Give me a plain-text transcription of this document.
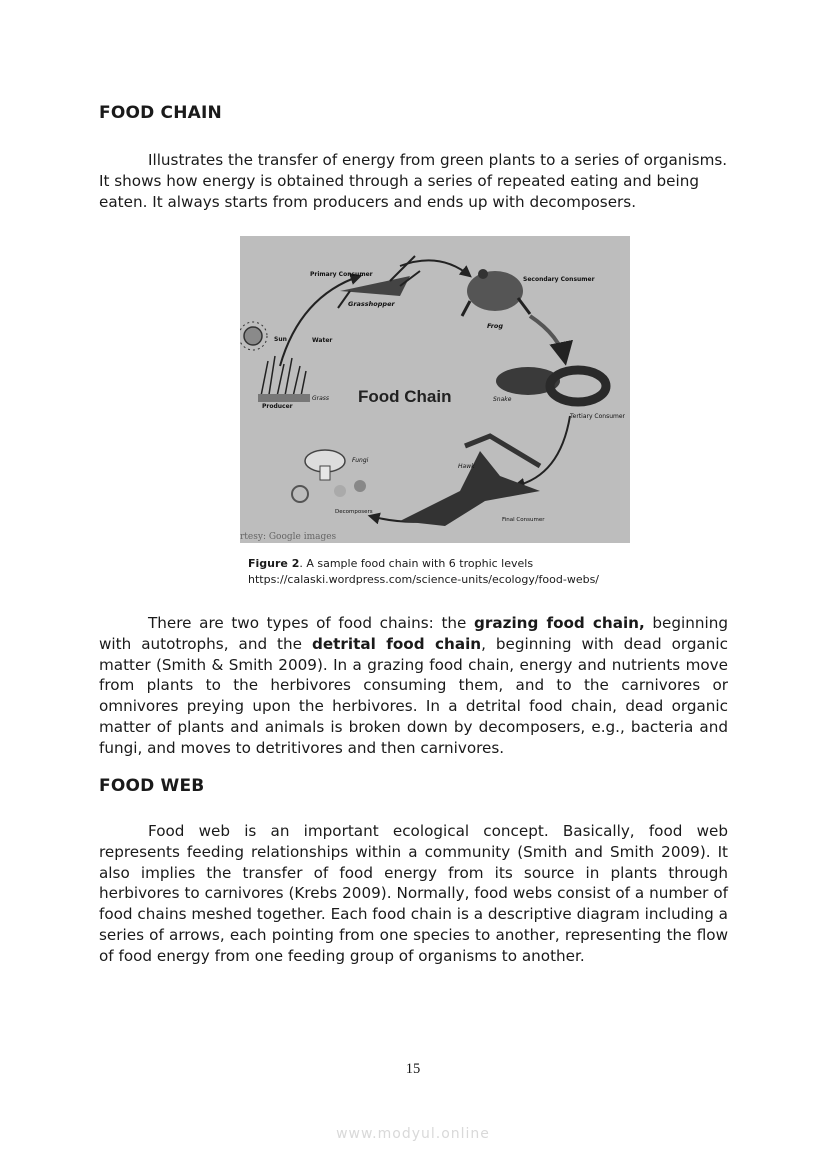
FOOD CHAIN

Illustrates the transfer of energy from green plants to a series of organisms. It shows how energy is obtained through a series of repeated eating and being eaten. It always starts from producers and ends up with decomposers.

Primary Consumer
Grasshopper
Secondary Consumer
Frog
Sun	Water
Grass
Producer
Food Chain	Snake
Tertiary Consumer
Fungi
Hawk
Decomposers
Final Consumer
rtesy: Google images

Figure 2. A sample food chain with 6 trophic levels
https://calaski.wordpress.com/science-units/ecology/food-webs/

There are two types of food chains: the grazing food chain, beginning with autotrophs, and the detrital food chain, beginning with dead organic matter (Smith & Smith 2009). In a grazing food chain, energy and nutrients move from plants to the herbivores consuming them, and to the carnivores or omnivores preying upon the herbivores. In a detrital food chain, dead organic matter of plants and animals is broken down by decomposers, e.g., bacteria and fungi, and moves to detritivores and then carnivores.

FOOD WEB

Food web is an important ecological concept. Basically, food web represents feeding relationships within a community (Smith and Smith 2009). It also implies the transfer of food energy from its source in plants through herbivores to carnivores (Krebs 2009). Normally, food webs consist of a number of food chains meshed together. Each food chain is a descriptive diagram including a series of arrows, each pointing from one species to another, representing the flow of food energy from one feeding group of organisms to another.

15
www.modyul.online
